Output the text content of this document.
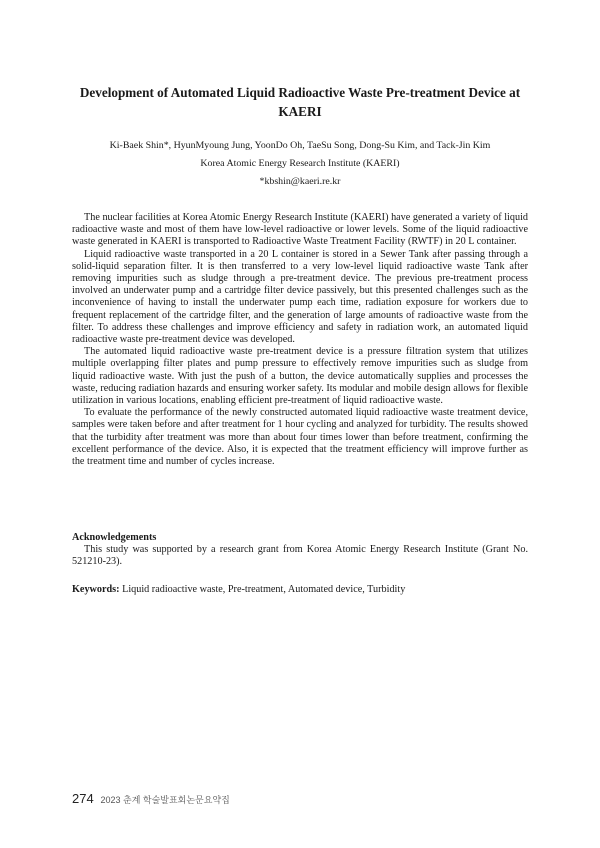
Development of Automated Liquid Radioactive Waste Pre-treatment Device at KAERI
Ki-Baek Shin*, HyunMyoung Jung, YoonDo Oh, TaeSu Song, Dong-Su Kim, and Tack-Jin Kim
Korea Atomic Energy Research Institute (KAERI)
*kbshin@kaeri.re.kr

The nuclear facilities at Korea Atomic Energy Research Institute (KAERI) have generated a variety of liquid radioactive waste and most of them have low-level radioactive or lower levels. Some of the liquid radioactive waste generated in KAERI is transported to Radioactive Waste Treatment Facility (RWTF) in 20 L container.

Liquid radioactive waste transported in a 20 L container is stored in a Sewer Tank after passing through a solid-liquid separation filter. It is then transferred to a very low-level liquid radioactive waste Tank after removing impurities such as sludge through a pre-treatment device. The previous pre-treatment process involved an underwater pump and a cartridge filter device passively, but this presented challenges such as the inconvenience of having to install the underwater pump each time, radiation exposure for workers due to frequent replacement of the cartridge filter, and the generation of large amounts of radioactive waste from the filter. To address these challenges and improve efficiency and safety in radiation work, an automated liquid radioactive waste pre-treatment device was developed.

The automated liquid radioactive waste pre-treatment device is a pressure filtration system that utilizes multiple overlapping filter plates and pump pressure to effectively remove impurities such as sludge from liquid radioactive waste. With just the push of a button, the device automatically supplies and processes the waste, reducing radiation hazards and ensuring worker safety. Its modular and mobile design allows for flexible utilization in various locations, enabling efficient pre-treatment of liquid radioactive waste.

To evaluate the performance of the newly constructed automated liquid radioactive waste treatment device, samples were taken before and after treatment for 1 hour cycling and analyzed for turbidity. The results showed that the turbidity after treatment was more than about four times lower than before treatment, confirming the excellent performance of the device. Also, it is expected that the treatment efficiency will improve further as the treatment time and number of cycles increase.

Acknowledgements
This study was supported by a research grant from Korea Atomic Energy Research Institute (Grant No. 521210-23).
Keywords: Liquid radioactive waste, Pre-treatment, Automated device, Turbidity
274 2023 춘계 학술발표회논문요약집
